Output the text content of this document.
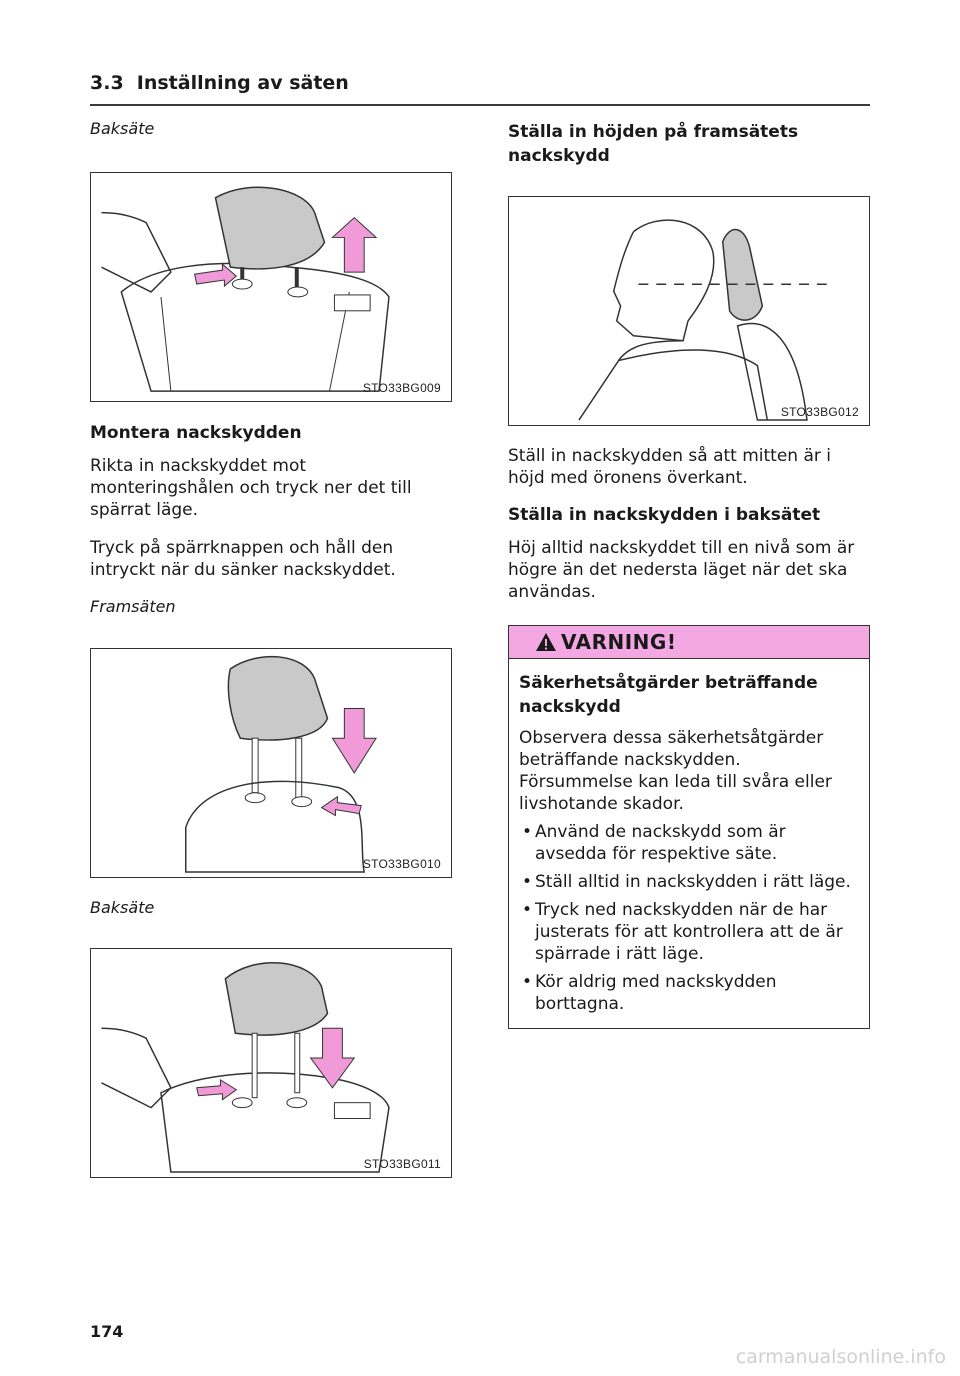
3.3 Inställning av säten

Baksäte

STO33BG009
Montera nackskydden

Rikta in nackskyddet mot monteringshålen och tryck ner det till spärrat läge.

Tryck på spärrknappen och håll den intryckt när du sänker nackskyddet.

Framsäten

STO33BG010

Baksäte

STO33BG011
Ställa in höjden på framsätets nackskydd
STO33BG012

Ställ in nackskydden så att mitten är i höjd med öronens överkant.

Ställa in nackskydden i baksätet

Höj alltid nackskyddet till en nivå som är högre än det nedersta läget när det ska användas.

VARNING!
Säkerhetsåtgärder beträffande nackskydd

Observera dessa säkerhetsåtgärder beträffande nackskydden. Försummelse kan leda till svåra eller livshotande skador.

• Använd de nackskydd som är avsedda för respektive säte.
• Ställ alltid in nackskydden i rätt läge.
• Tryck ned nackskydden när de har justerats för att kontrollera att de är spärrade i rätt läge.
• Kör aldrig med nackskydden borttagna.
174
carmanualsonline.info
